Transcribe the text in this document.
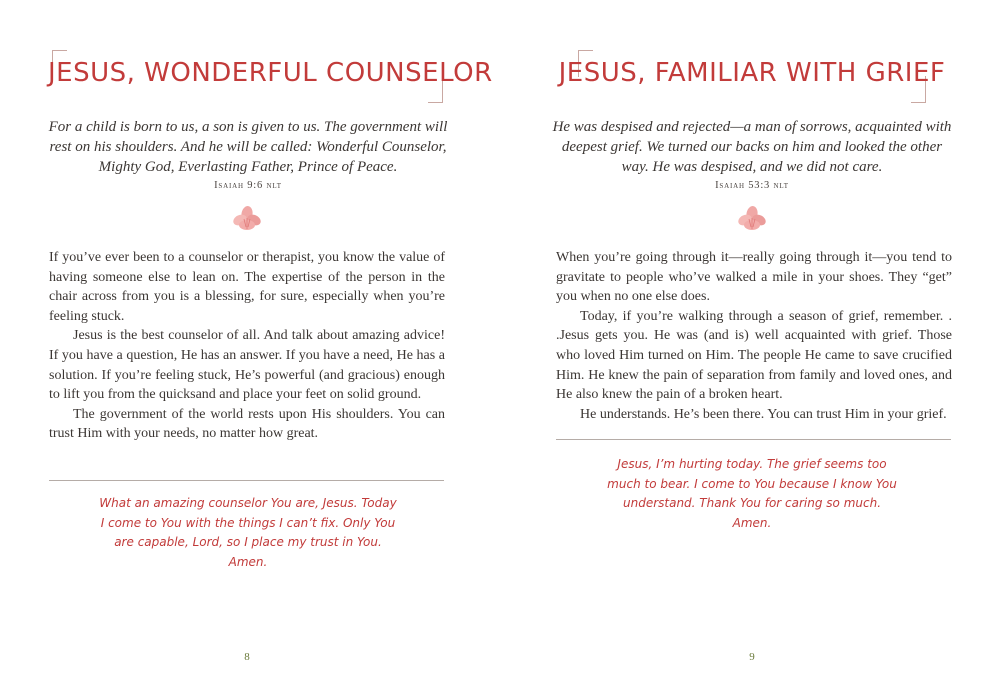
JESUS, WONDERFUL COUNSELOR

For a child is born to us, a son is given to us. The government will rest on his shoulders. And he will be called: Wonderful Counselor, Mighty God, Everlasting Father, Prince of Peace.

Isaiah 9:6 nlt

If you’ve ever been to a counselor or therapist, you know the value of having someone else to lean on. The expertise of the person in the chair across from you is a blessing, for sure, especially when you’re feeling stuck.

Jesus is the best counselor of all. And talk about amazing advice! If you have a question, He has an answer. If you have a need, He has a solution. If you’re feeling stuck, He’s powerful (and gracious) enough to lift you from the quicksand and place your feet on solid ground.

The government of the world rests upon His shoulders. You can trust Him with your needs, no matter how great.

What an amazing counselor You are, Jesus. Today I come to You with the things I can’t fix. Only You are capable, Lord, so I place my trust in You. Amen.
8
JESUS, FAMILIAR WITH GRIEF

He was despised and rejected—a man of sorrows, acquainted with deepest grief. We turned our backs on him and looked the other way. He was despised, and we did not care.

Isaiah 53:3 nlt

When you’re going through it—really going through it—you tend to gravitate to people who’ve walked a mile in your shoes. They “get” you when no one else does.

Today, if you’re walking through a season of grief, remember. . .Jesus gets you. He was (and is) well acquainted with grief. Those who loved Him turned on Him. The people He came to save crucified Him. He knew the pain of separation from family and loved ones, and He also knew the pain of a broken heart.

He understands. He’s been there. You can trust Him in your grief.

Jesus, I’m hurting today. The grief seems too much to bear. I come to You because I know You understand. Thank You for caring so much. Amen.
9
